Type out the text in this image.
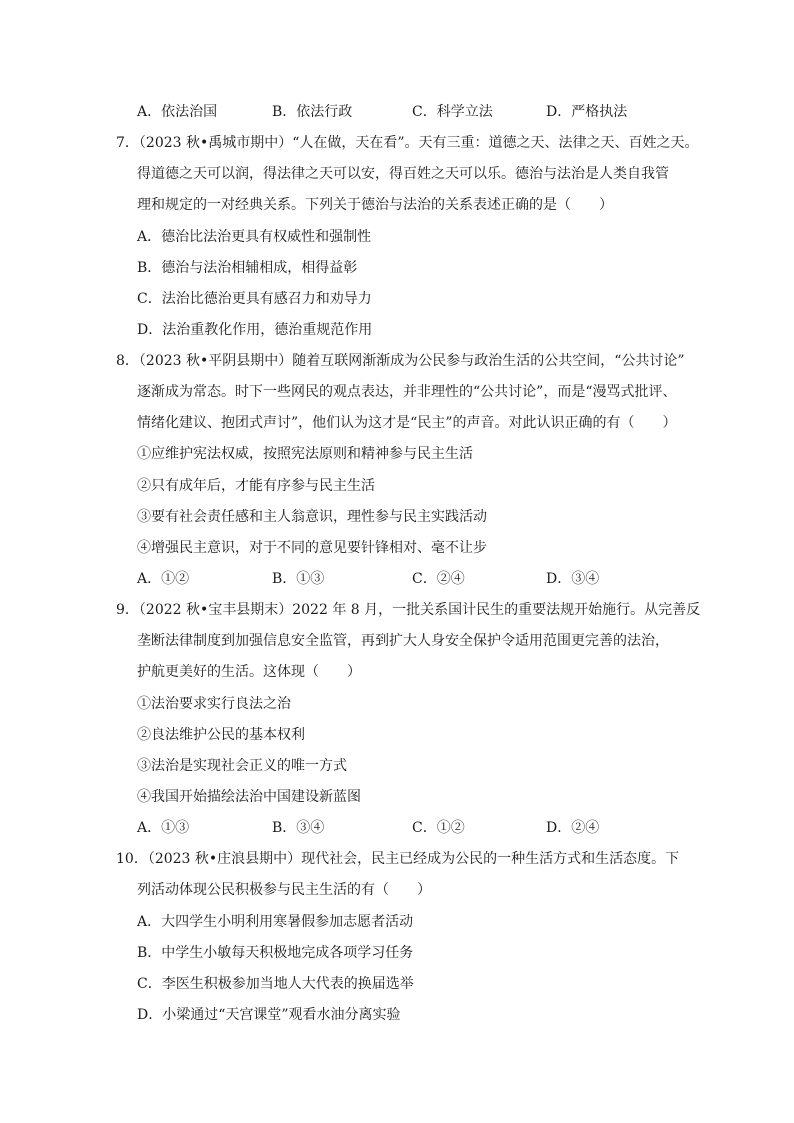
A．依法治国	B．依法行政	C．科学立法	D．严格执法
7．（2023 秋•禹城市期中）“人在做，天在看”。天有三重：道德之天、法律之天、百姓之天。
得道德之天可以润，得法律之天可以安，得百姓之天可以乐。德治与法治是人类自我管
理和规定的一对经典关系。下列关于德治与法治的关系表述正确的是（　　）
A．德治比法治更具有权威性和强制性
B．德治与法治相辅相成，相得益彰
C．法治比德治更具有感召力和劝导力
D．法治重教化作用，德治重规范作用
8．（2023 秋•平阴县期中）随着互联网渐渐成为公民参与政治生活的公共空间，“公共讨论”
逐渐成为常态。时下一些网民的观点表达，并非理性的“公共讨论”，而是“漫骂式批评、
情绪化建议、抱团式声讨”，他们认为这才是“民主”的声音。对此认识正确的有（　　）
①应维护宪法权威，按照宪法原则和精神参与民主生活
②只有成年后，才能有序参与民主生活
③要有社会责任感和主人翁意识，理性参与民主实践活动
④增强民主意识，对于不同的意见要针锋相对、毫不让步
A．①②	B．①③	C．②④	D．③④
9．（2022 秋•宝丰县期末）2022 年 8 月，一批关系国计民生的重要法规开始施行。从完善反
垄断法律制度到加强信息安全监管，再到扩大人身安全保护令适用范围更完善的法治，
护航更美好的生活。这体现（　　）
①法治要求实行良法之治
②良法维护公民的基本权利
③法治是实现社会正义的唯一方式
④我国开始描绘法治中国建设新蓝图
A．①③	B．③④	C．①②	D．②④
10．（2023 秋•庄浪县期中）现代社会，民主已经成为公民的一种生活方式和生活态度。下
列活动体现公民积极参与民主生活的有（　　）
A．大四学生小明利用寒暑假参加志愿者活动
B．中学生小敏每天积极地完成各项学习任务
C．李医生积极参加当地人大代表的换届选举
D．小梁通过“天宫课堂”观看水油分离实验
